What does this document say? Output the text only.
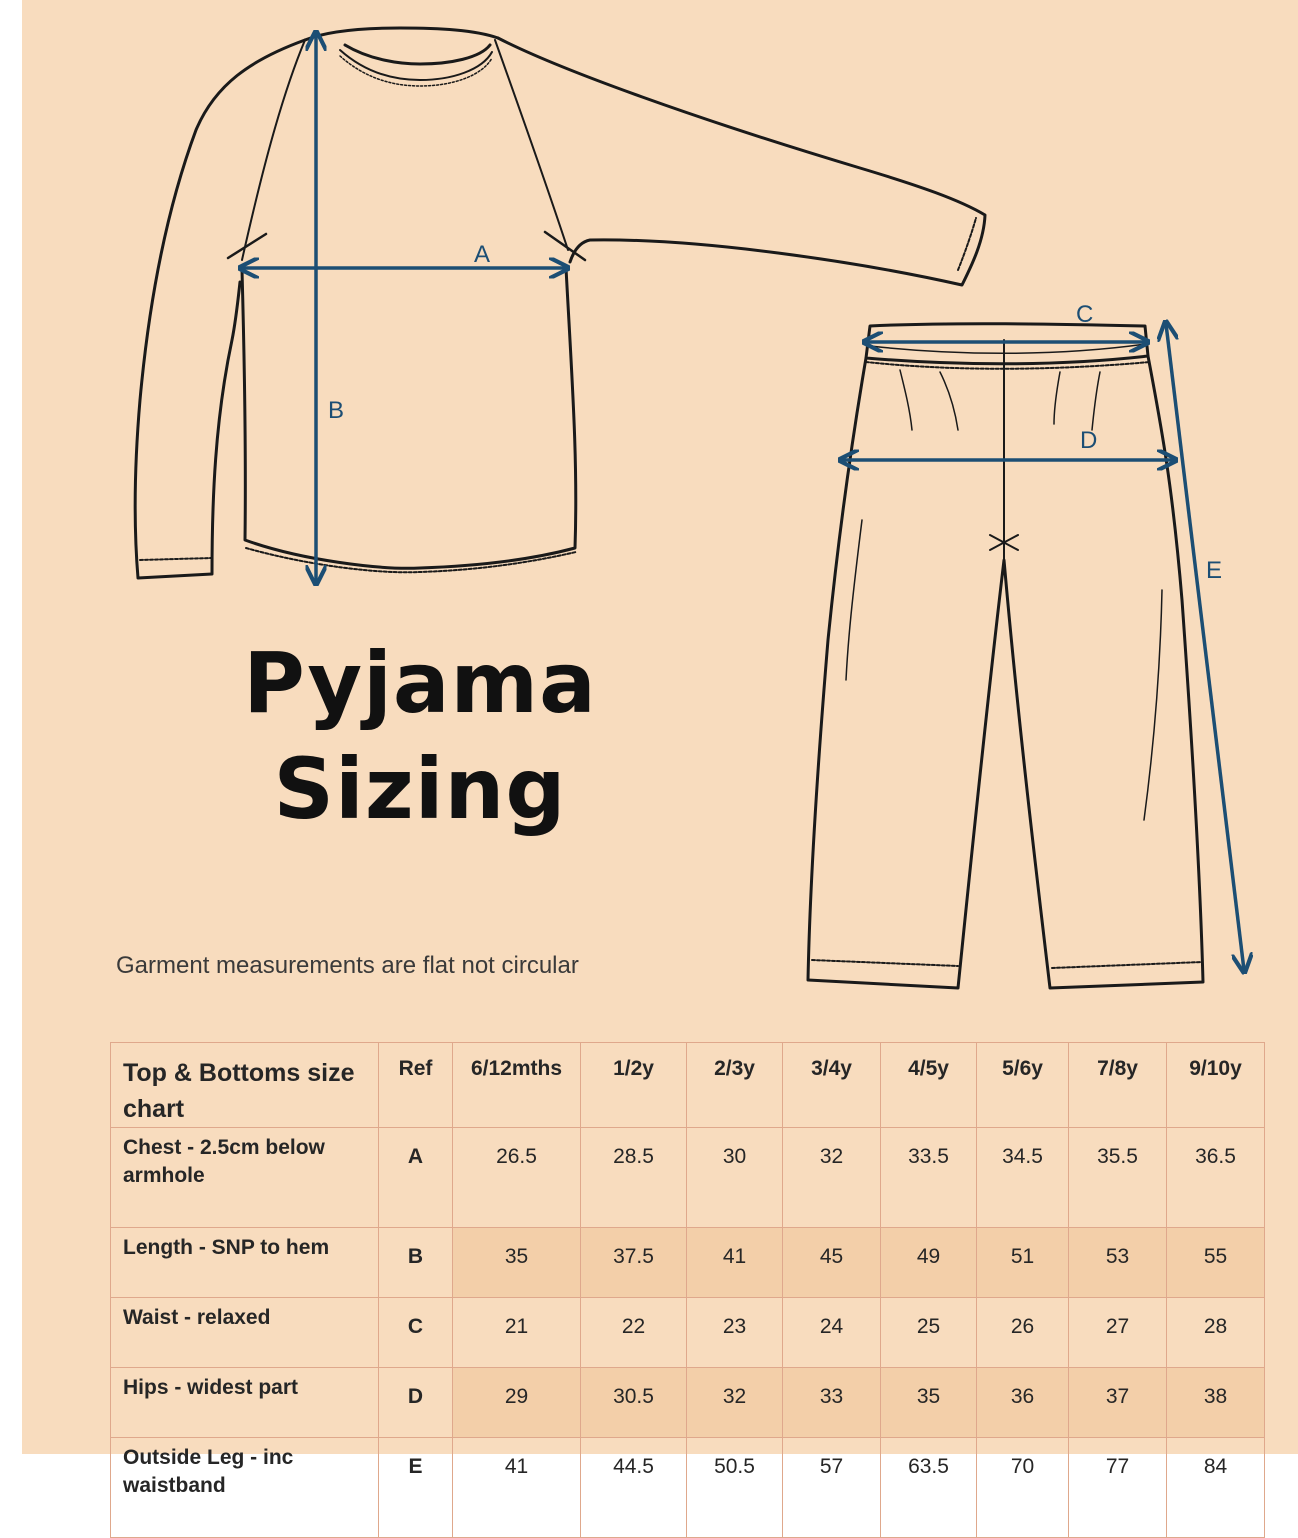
A
B
C
D
E
Pyjama
Sizing
Garment measurements are flat not circular
Top & Bottoms size chart	Ref	6/12mths	1/2y	2/3y	3/4y	4/5y	5/6y	7/8y	9/10y
Chest - 2.5cm below armhole	A	26.5	28.5	30	32	33.5	34.5	35.5	36.5
Length - SNP to hem	B	35	37.5	41	45	49	51	53	55
Waist - relaxed	C	21	22	23	24	25	26	27	28
Hips - widest part	D	29	30.5	32	33	35	36	37	38
Outside Leg - inc waistband	E	41	44.5	50.5	57	63.5	70	77	84
